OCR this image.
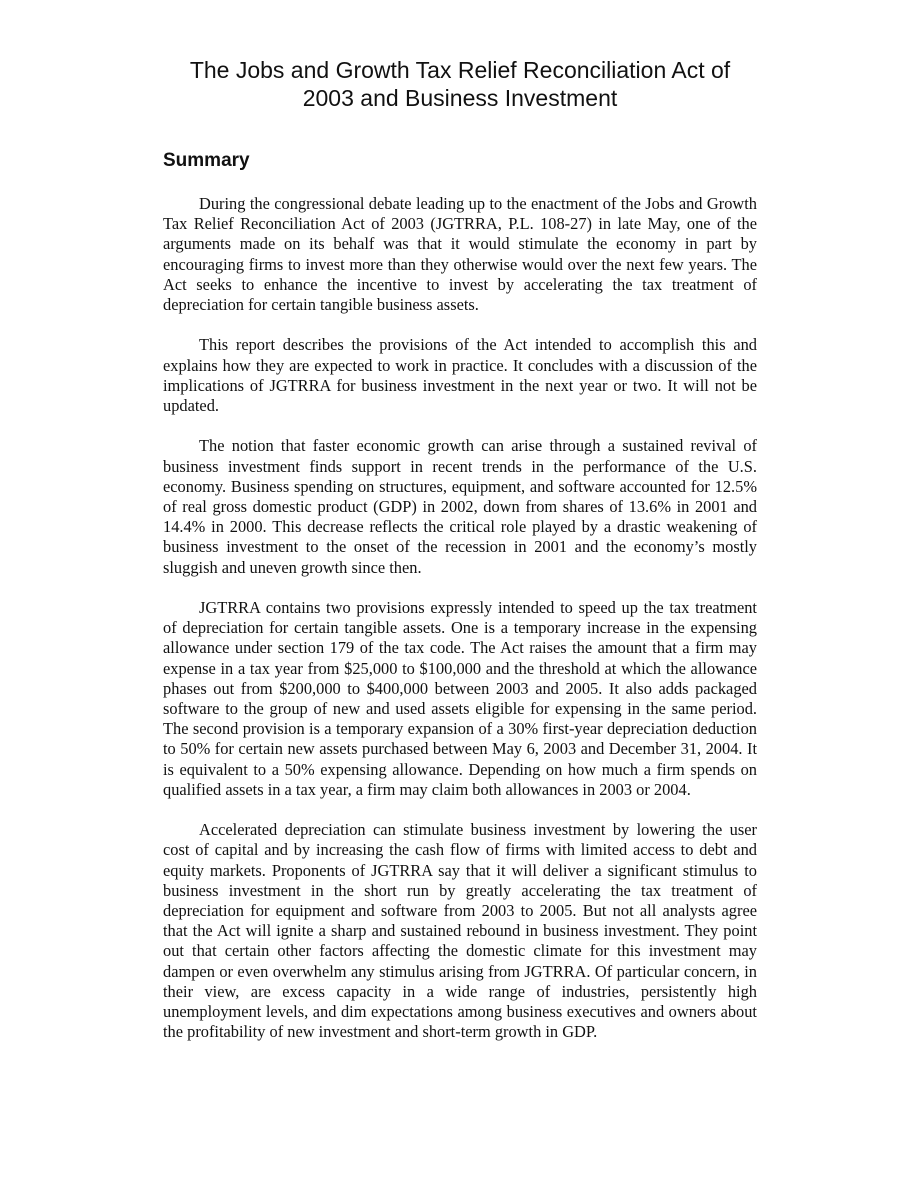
The Jobs and Growth Tax Relief Reconciliation Act of
2003 and Business Investment
Summary

During the congressional debate leading up to the enactment of the Jobs and Growth Tax Relief Reconciliation Act of 2003 (JGTRRA, P.L. 108-27) in late May, one of the arguments made on its behalf was that it would stimulate the economy in part by encouraging firms to invest more than they otherwise would over the next few years. The Act seeks to enhance the incentive to invest by accelerating the tax treatment of depreciation for certain tangible business assets.

This report describes the provisions of the Act intended to accomplish this and explains how they are expected to work in practice. It concludes with a discussion of the implications of JGTRRA for business investment in the next year or two. It will not be updated.

The notion that faster economic growth can arise through a sustained revival of business investment finds support in recent trends in the performance of the U.S. economy. Business spending on structures, equipment, and software accounted for 12.5% of real gross domestic product (GDP) in 2002, down from shares of 13.6% in 2001 and 14.4% in 2000. This decrease reflects the critical role played by a drastic weakening of business investment to the onset of the recession in 2001 and the economy’s mostly sluggish and uneven growth since then.

JGTRRA contains two provisions expressly intended to speed up the tax treatment of depreciation for certain tangible assets. One is a temporary increase in the expensing allowance under section 179 of the tax code. The Act raises the amount that a firm may expense in a tax year from $25,000 to $100,000 and the threshold at which the allowance phases out from $200,000 to $400,000 between 2003 and 2005. It also adds packaged software to the group of new and used assets eligible for expensing in the same period. The second provision is a temporary expansion of a 30% first-year depreciation deduction to 50% for certain new assets purchased between May 6, 2003 and December 31, 2004. It is equivalent to a 50% expensing allowance. Depending on how much a firm spends on qualified assets in a tax year, a firm may claim both allowances in 2003 or 2004.

Accelerated depreciation can stimulate business investment by lowering the user cost of capital and by increasing the cash flow of firms with limited access to debt and equity markets. Proponents of JGTRRA say that it will deliver a significant stimulus to business investment in the short run by greatly accelerating the tax treatment of depreciation for equipment and software from 2003 to 2005. But not all analysts agree that the Act will ignite a sharp and sustained rebound in business investment. They point out that certain other factors affecting the domestic climate for this investment may dampen or even overwhelm any stimulus arising from JGTRRA. Of particular concern, in their view, are excess capacity in a wide range of industries, persistently high unemployment levels, and dim expectations among business executives and owners about the profitability of new investment and short-term growth in GDP.
